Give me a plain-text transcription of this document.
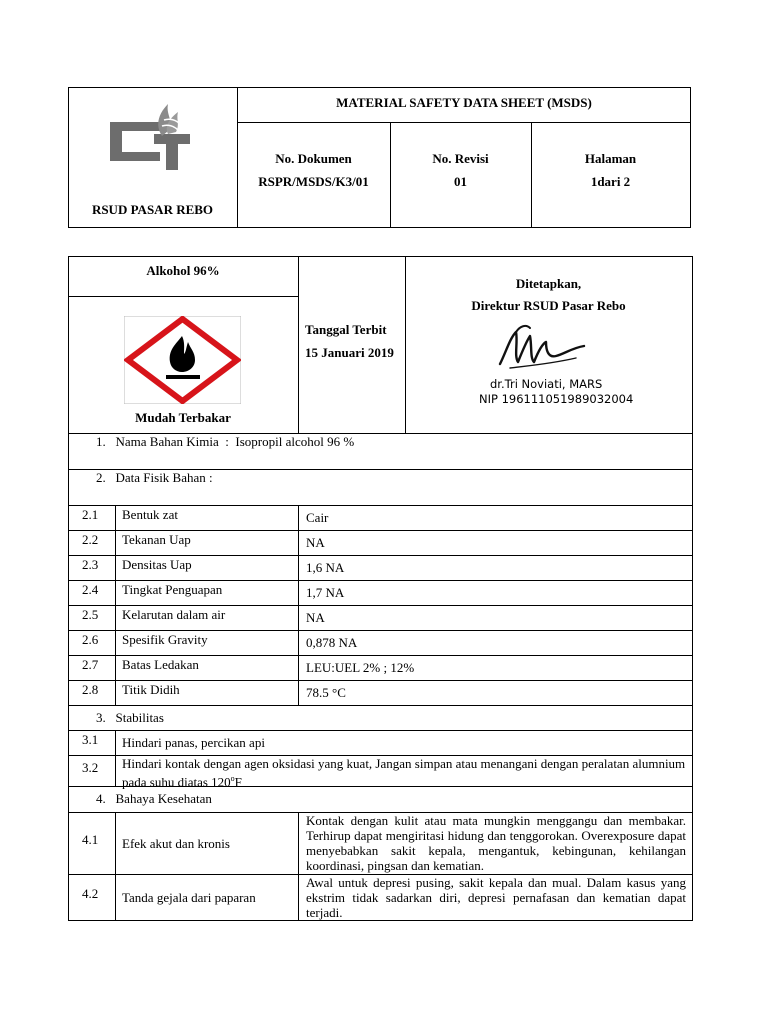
RSUD PASAR REBO
MATERIAL SAFETY DATA SHEET (MSDS)
No. Dokumen
RSPR/MSDS/K3/01
No. Revisi
01
Halaman
1dari 2
Alkohol 96%
Mudah Terbakar
Tanggal Terbit
15 Januari 2019
Ditetapkan,
Direktur RSUD Pasar Rebo
dr.Tri Noviati, MARS
NIP 196111051989032004
1. Nama Bahan Kimia : Isopropil alcohol 96 %
2. Data Fisik Bahan :
2.1 Bentuk zat	Cair
2.2 Tekanan Uap	NA
2.3 Densitas Uap	1,6 NA
2.4 Tingkat Penguapan	1,7 NA
2.5 Kelarutan dalam air	NA
2.6 Spesifik Gravity	0,878 NA
2.7 Batas Ledakan	LEU:UEL 2% ; 12%
2.8 Titik Didih	78.5 °C
3. Stabilitas
3.1 Hindari panas, percikan api
3.2 Hindari kontak dengan agen oksidasi yang kuat, Jangan simpan atau menangani dengan peralatan alumnium pada suhu diatas 120$^o$F
4. Bahaya Kesehatan
4.1 Efek akut dan kronis
Kontak dengan kulit atau mata mungkin menggangu dan membakar. Terhirup dapat mengiritasi hidung dan tenggorokan. Overexposure dapat menyebabkan sakit kepala, mengantuk, kebingunan, kehilangan koordinasi, pingsan dan kematian.
4.2 Tanda gejala dari paparan
Awal untuk depresi pusing, sakit kepala dan mual. Dalam kasus yang ekstrim tidak sadarkan diri, depresi pernafasan dan kematian dapat terjadi.
